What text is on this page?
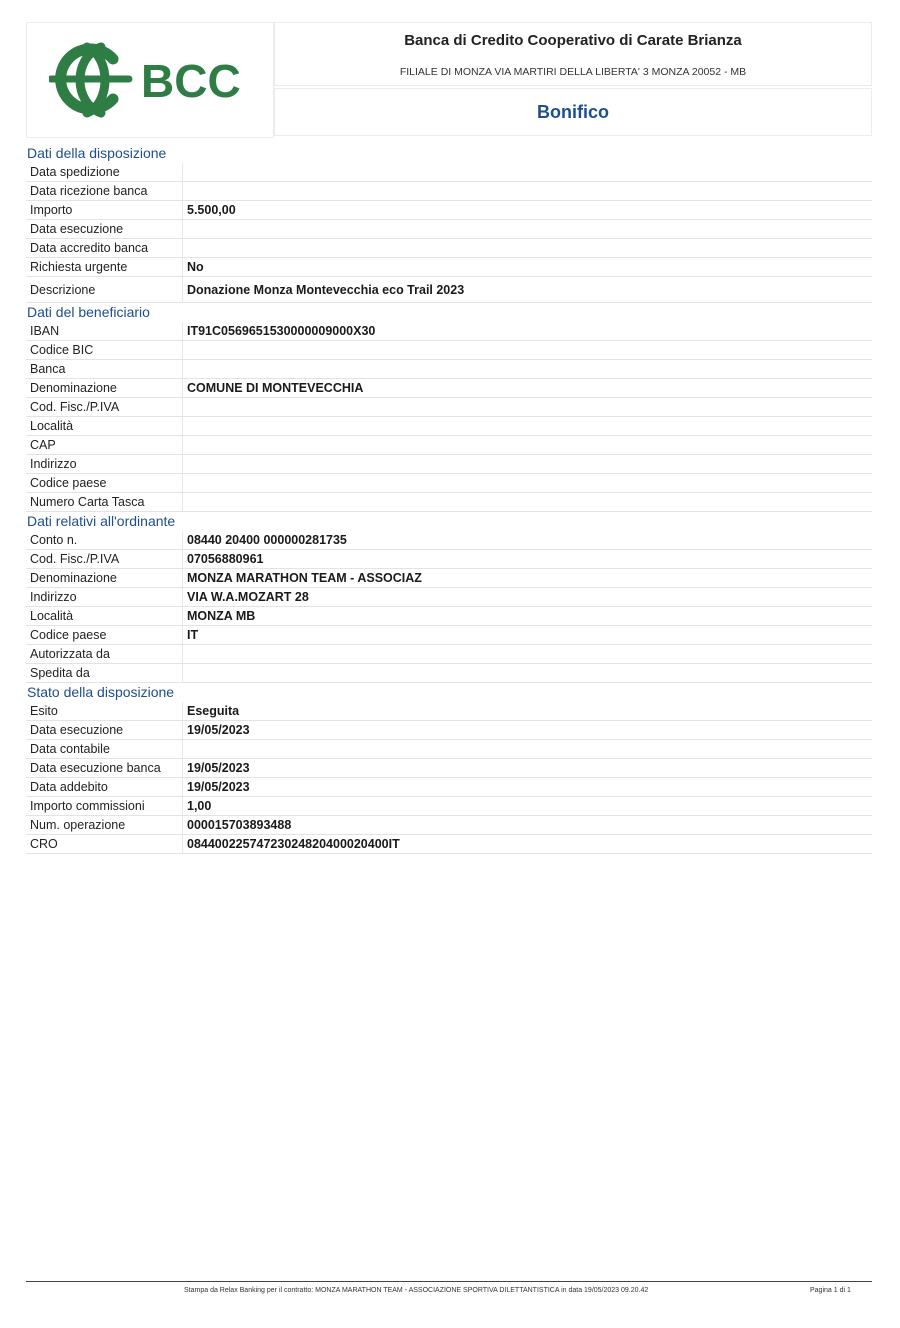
BCC
Banca di Credito Cooperativo di Carate Brianza
FILIALE DI MONZA VIA MARTIRI DELLA LIBERTA' 3 MONZA 20052 - MB
Bonifico
Dati della disposizione
Data spedizione	
Data ricezione banca	
Importo	5.500,00
Data esecuzione	
Data accredito banca	
Richiesta urgente	No
Descrizione	Donazione Monza Montevecchia eco Trail 2023
Dati del beneficiario
IBAN	IT91C0569651530000009000X30
Codice BIC	
Banca	
Denominazione	COMUNE DI MONTEVECCHIA
Cod. Fisc./P.IVA	
Località	
CAP	
Indirizzo	
Codice paese	
Numero Carta Tasca	
Dati relativi all'ordinante
Conto n.	08440 20400 000000281735
Cod. Fisc./P.IVA	07056880961
Denominazione	MONZA MARATHON TEAM - ASSOCIAZ
Indirizzo	VIA W.A.MOZART 28
Località	MONZA MB
Codice paese	IT
Autorizzata da	
Spedita da	
Stato della disposizione
Esito	Eseguita
Data esecuzione	19/05/2023
Data contabile	
Data esecuzione banca	19/05/2023
Data addebito	19/05/2023
Importo commissioni	1,00
Num. operazione	000015703893488
CRO	08440022574723024820400020400IT
Stampa da Relax Banking per il contratto: MONZA MARATHON TEAM - ASSOCIAZIONE SPORTIVA DILETTANTISTICA in data 19/05/2023 09.20.42	Pagina 1 di 1
